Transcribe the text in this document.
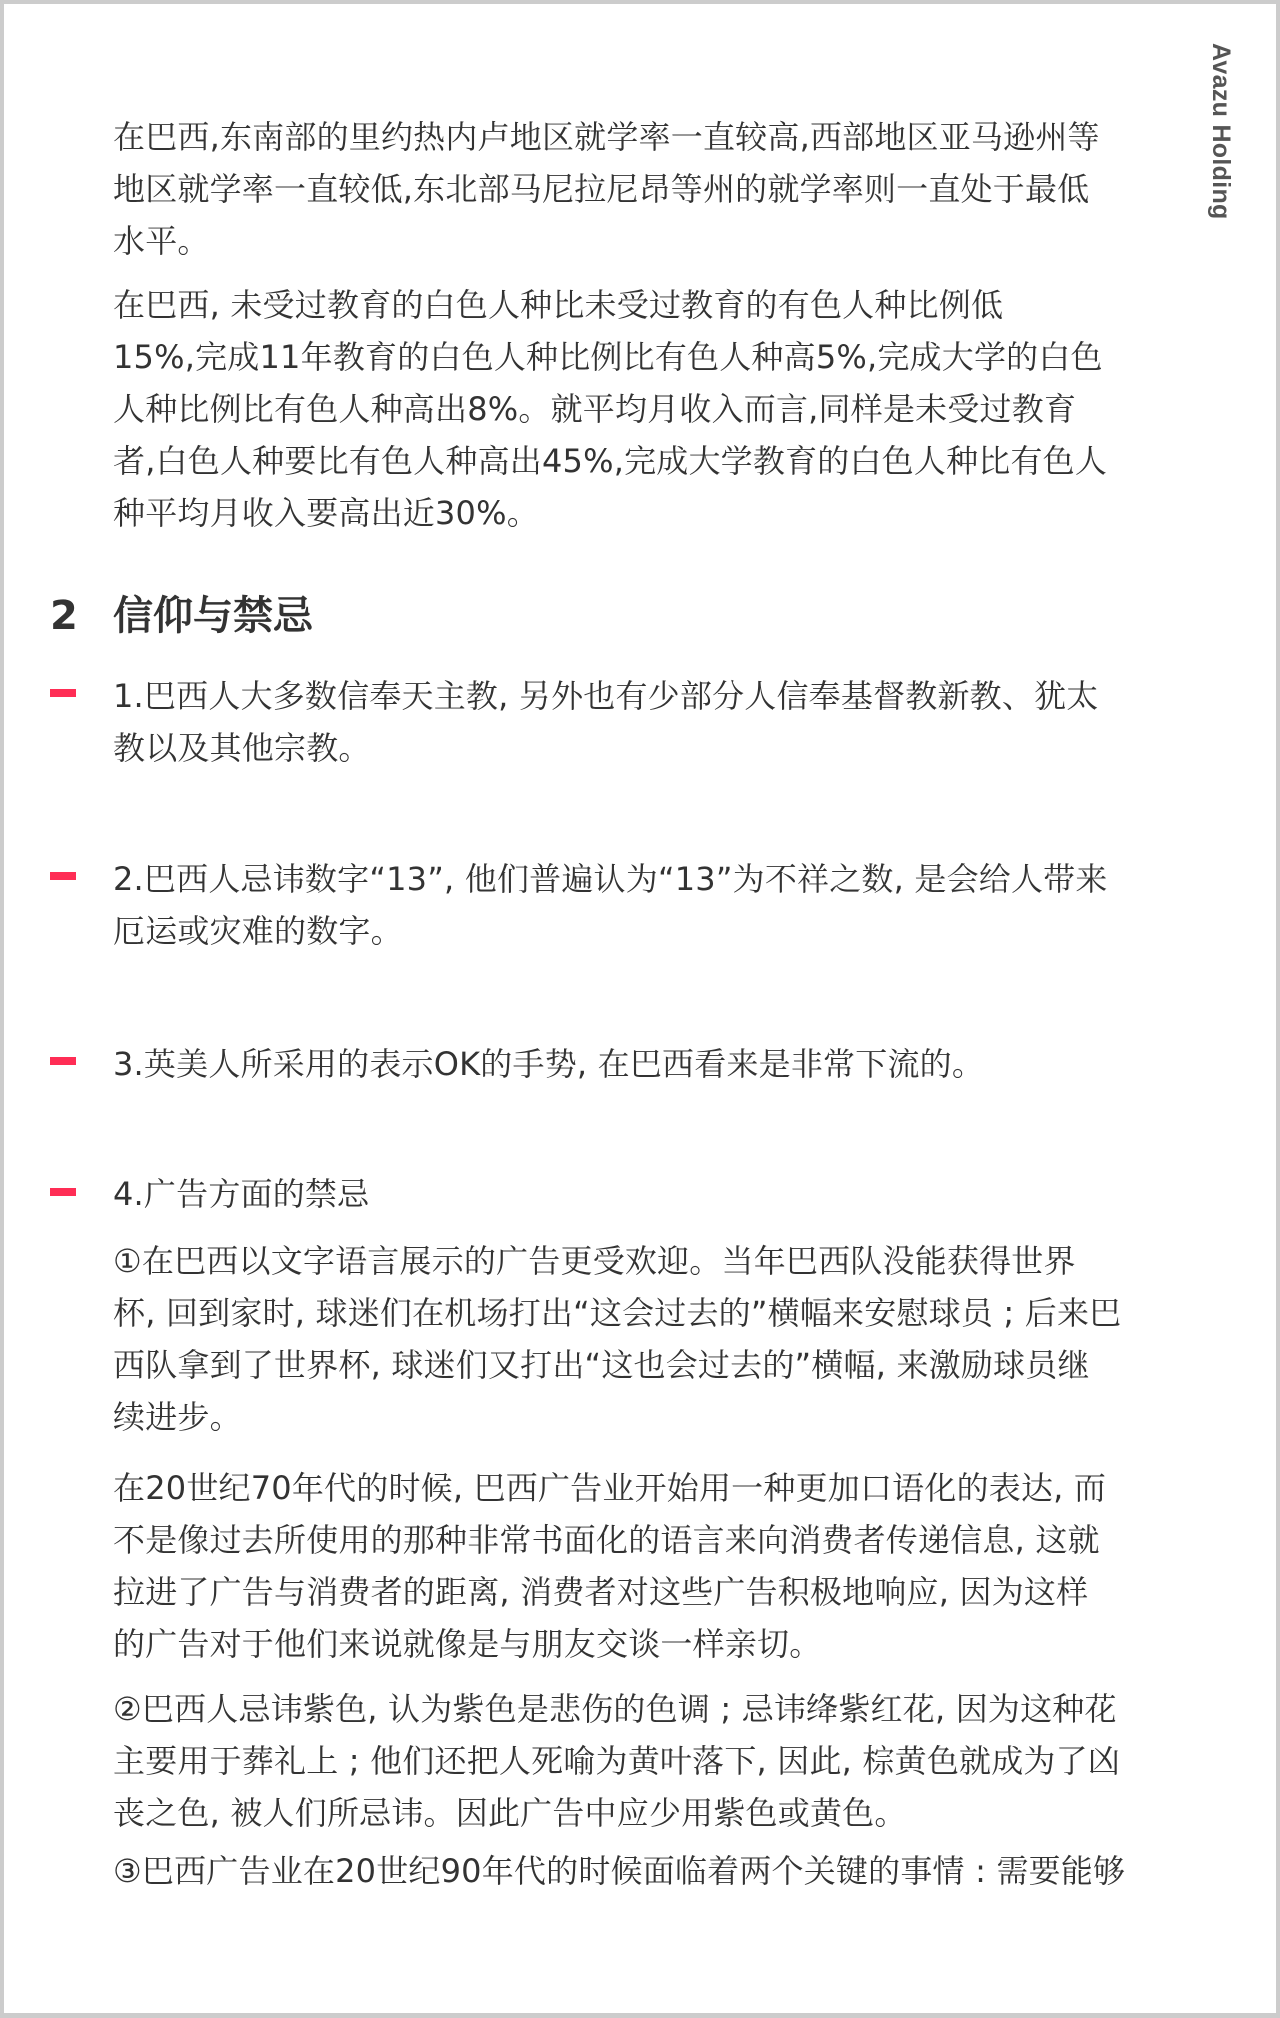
Avazu Holding

在巴西,东南部的里约热内卢地区就学率一直较高,西部地区亚马逊州等

地区就学率一直较低,东北部马尼拉尼昂等州的就学率则一直处于最低

水平。

在巴西, 未受过教育的白色人种比未受过教育的有色人种比例低

15%,完成11年教育的白色人种比例比有色人种高5%,完成大学的白色

人种比例比有色人种高出8%。就平均月收入而言,同样是未受过教育

者,白色人种要比有色人种高出45%,完成大学教育的白色人种比有色人

种平均月收入要高出近30%。

2 信仰与禁忌

1.巴西人大多数信奉天主教, 另外也有少部分人信奉基督教新教、犹太

教以及其他宗教。

2.巴西人忌讳数字“13”, 他们普遍认为“13”为不祥之数, 是会给人带来

厄运或灾难的数字。

3.英美人所采用的表示OK的手势, 在巴西看来是非常下流的。

4.广告方面的禁忌

①在巴西以文字语言展示的广告更受欢迎。当年巴西队没能获得世界

杯, 回到家时, 球迷们在机场打出“这会过去的”横幅来安慰球员 ; 后来巴

西队拿到了世界杯, 球迷们又打出“这也会过去的”横幅, 来激励球员继

续进步。

在20世纪70年代的时候, 巴西广告业开始用一种更加口语化的表达, 而

不是像过去所使用的那种非常书面化的语言来向消费者传递信息, 这就

拉进了广告与消费者的距离, 消费者对这些广告积极地响应, 因为这样

的广告对于他们来说就像是与朋友交谈一样亲切。

②巴西人忌讳紫色, 认为紫色是悲伤的色调 ; 忌讳绛紫红花, 因为这种花

主要用于葬礼上 ; 他们还把人死喻为黄叶落下, 因此, 棕黄色就成为了凶

丧之色, 被人们所忌讳。因此广告中应少用紫色或黄色。

③巴西广告业在20世纪90年代的时候面临着两个关键的事情 : 需要能够
